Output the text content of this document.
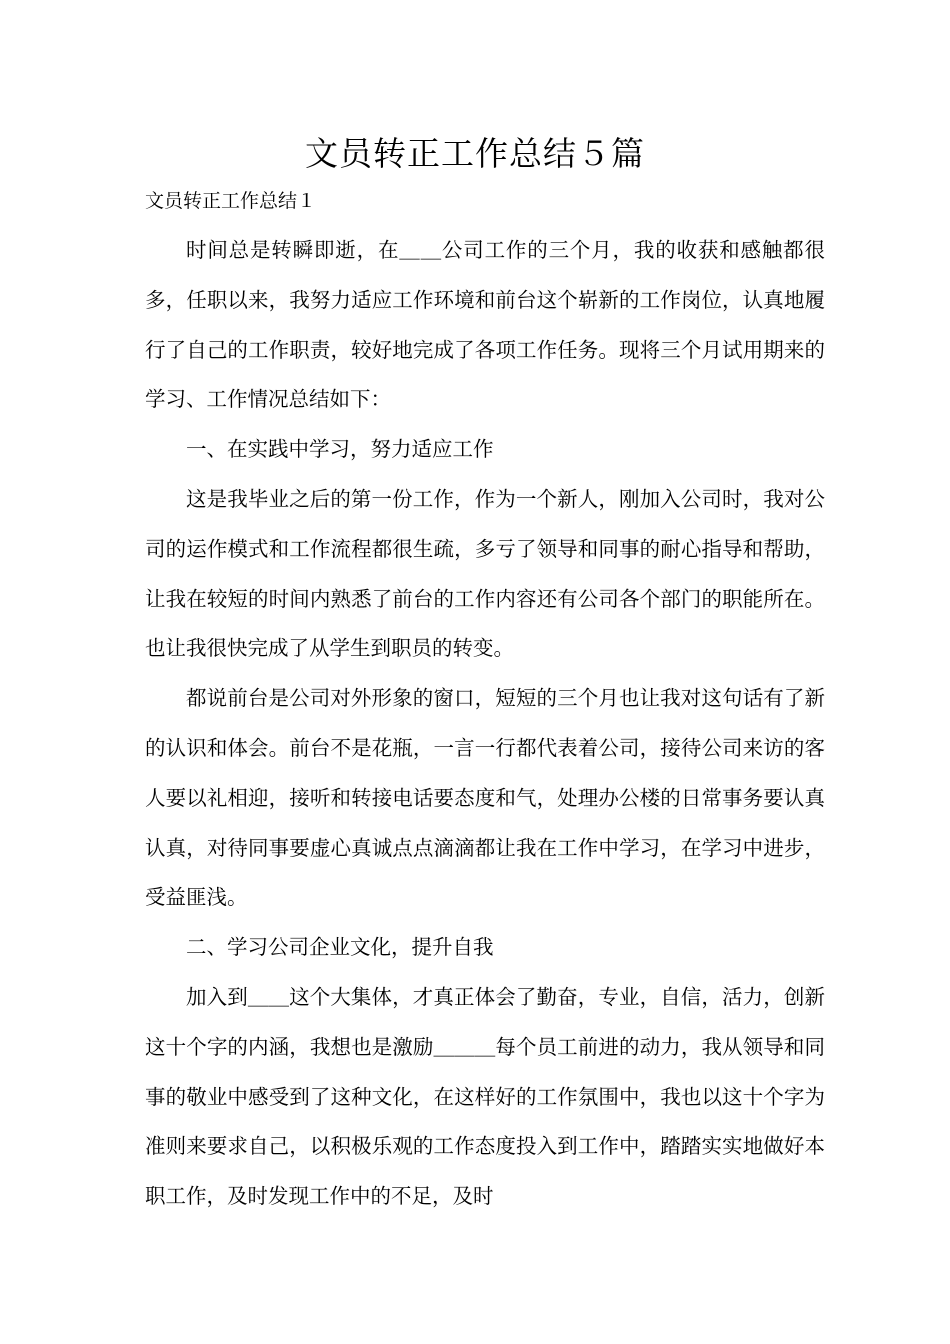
文员转正工作总结５篇
文员转正工作总结１

时间总是转瞬即逝，在＿＿公司工作的三个月，我的收获和感触都很多，任职以来，我努力适应工作环境和前台这个崭新的工作岗位，认真地履行了自己的工作职责，较好地完成了各项工作任务。现将三个月试用期来的学习、工作情况总结如下：

一、在实践中学习，努力适应工作

这是我毕业之后的第一份工作，作为一个新人，刚加入公司时，我对公司的运作模式和工作流程都很生疏，多亏了领导和同事的耐心指导和帮助，让我在较短的时间内熟悉了前台的工作内容还有公司各个部门的职能所在。也让我很快完成了从学生到职员的转变。

都说前台是公司对外形象的窗口，短短的三个月也让我对这句话有了新的认识和体会。前台不是花瓶，一言一行都代表着公司，接待公司来访的客人要以礼相迎，接听和转接电话要态度和气，处理办公楼的日常事务要认真认真，对待同事要虚心真诚点点滴滴都让我在工作中学习，在学习中进步，受益匪浅。

二、学习公司企业文化，提升自我

加入到＿＿这个大集体，才真正体会了勤奋，专业，自信，活力，创新这十个字的内涵，我想也是激励＿＿＿每个员工前进的动力，我从领导和同事的敬业中感受到了这种文化，在这样好的工作氛围中，我也以这十个字为准则来要求自己，以积极乐观的工作态度投入到工作中，踏踏实实地做好本职工作，及时发现工作中的不足，及时
